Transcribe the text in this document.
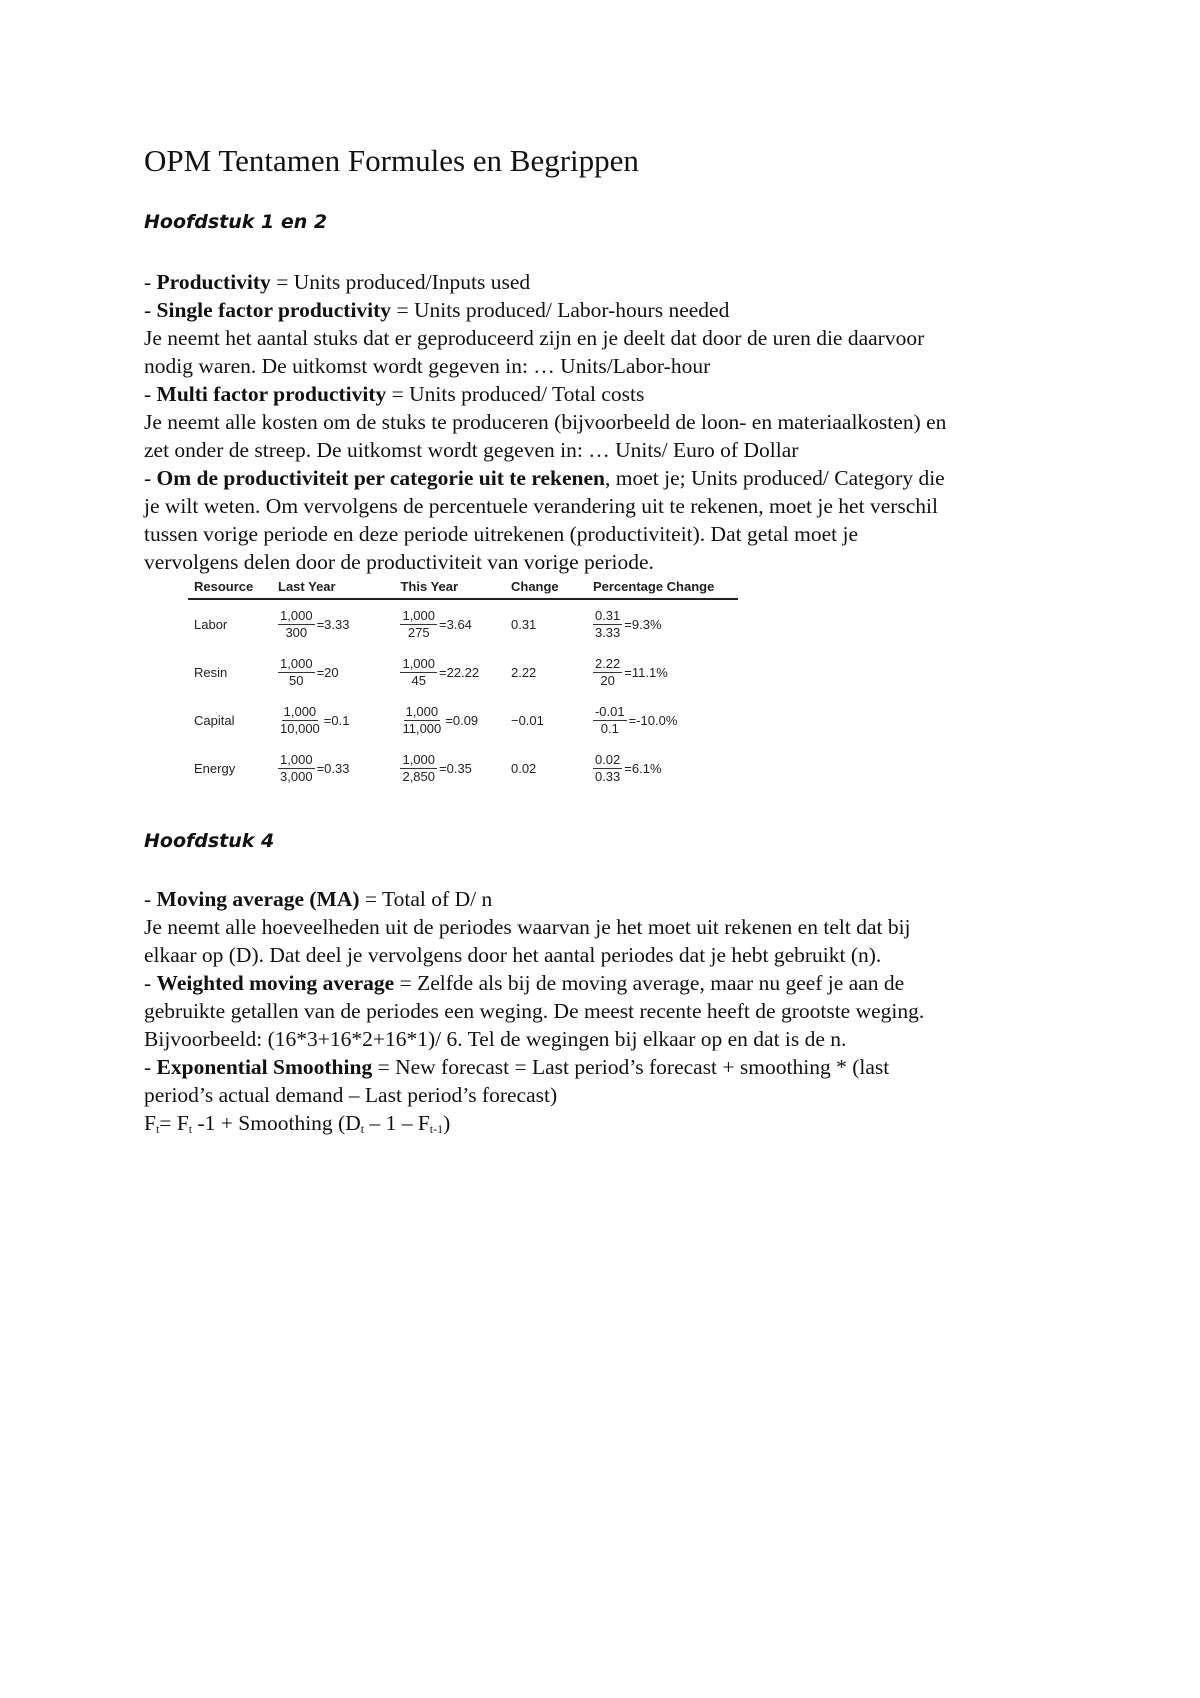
OPM Tentamen Formules en Begrippen
Hoofdstuk 1 en 2
- Productivity = Units produced/Inputs used
- Single factor productivity = Units produced/ Labor-hours needed
Je neemt het aantal stuks dat er geproduceerd zijn en je deelt dat door de uren die daarvoor
nodig waren. De uitkomst wordt gegeven in: … Units/Labor-hour
- Multi factor productivity = Units produced/ Total costs
Je neemt alle kosten om de stuks te produceren (bijvoorbeeld de loon- en materiaalkosten) en
zet onder de streep. De uitkomst wordt gegeven in: … Units/ Euro of Dollar
- Om de productiviteit per categorie uit te rekenen, moet je; Units produced/ Category die
je wilt weten. Om vervolgens de percentuele verandering uit te rekenen, moet je het verschil
tussen vorige periode en deze periode uitrekenen (productiviteit). Dat getal moet je
vervolgens delen door de productiviteit van vorige periode.
Resource	Last Year	This Year	Change	Percentage Change
Labor	$\frac{1,000}{300} =3.33$	$\frac{1,000}{275} =3.64$	0.31	$\frac{0.31}{3.33} =9.3\%$

Resin	$\frac{1,000}{50} =20$	$\frac{1,000}{45} =22.22$	2.22	$\frac{2.22}{20} =11.1\%$

Capital	$\frac{1,000}{10,000} =0.1$	$\frac{1,000}{11,000} =0.09$	−0.01	$\frac{-0.01}{0.1} =-10.0\%$

Energy	$\frac{1,000}{3,000} =0.33$	$\frac{1,000}{2,850} =0.35$	0.02	$\frac{0.02}{0.33} =6.1\%$
Hoofdstuk 4
- Moving average (MA) = Total of D/ n
Je neemt alle hoeveelheden uit de periodes waarvan je het moet uit rekenen en telt dat bij
elkaar op (D). Dat deel je vervolgens door het aantal periodes dat je hebt gebruikt (n).
- Weighted moving average = Zelfde als bij de moving average, maar nu geef je aan de
gebruikte getallen van de periodes een weging. De meest recente heeft de grootste weging.
Bijvoorbeeld: (16*3+16*2+16*1)/ 6. Tel de wegingen bij elkaar op en dat is de n.
- Exponential Smoothing = New forecast = Last period’s forecast + smoothing * (last
period’s actual demand – Last period’s forecast)
$F_t= F_t$ -1 + Smoothing $(D_t - 1 - F_{t-1})$
